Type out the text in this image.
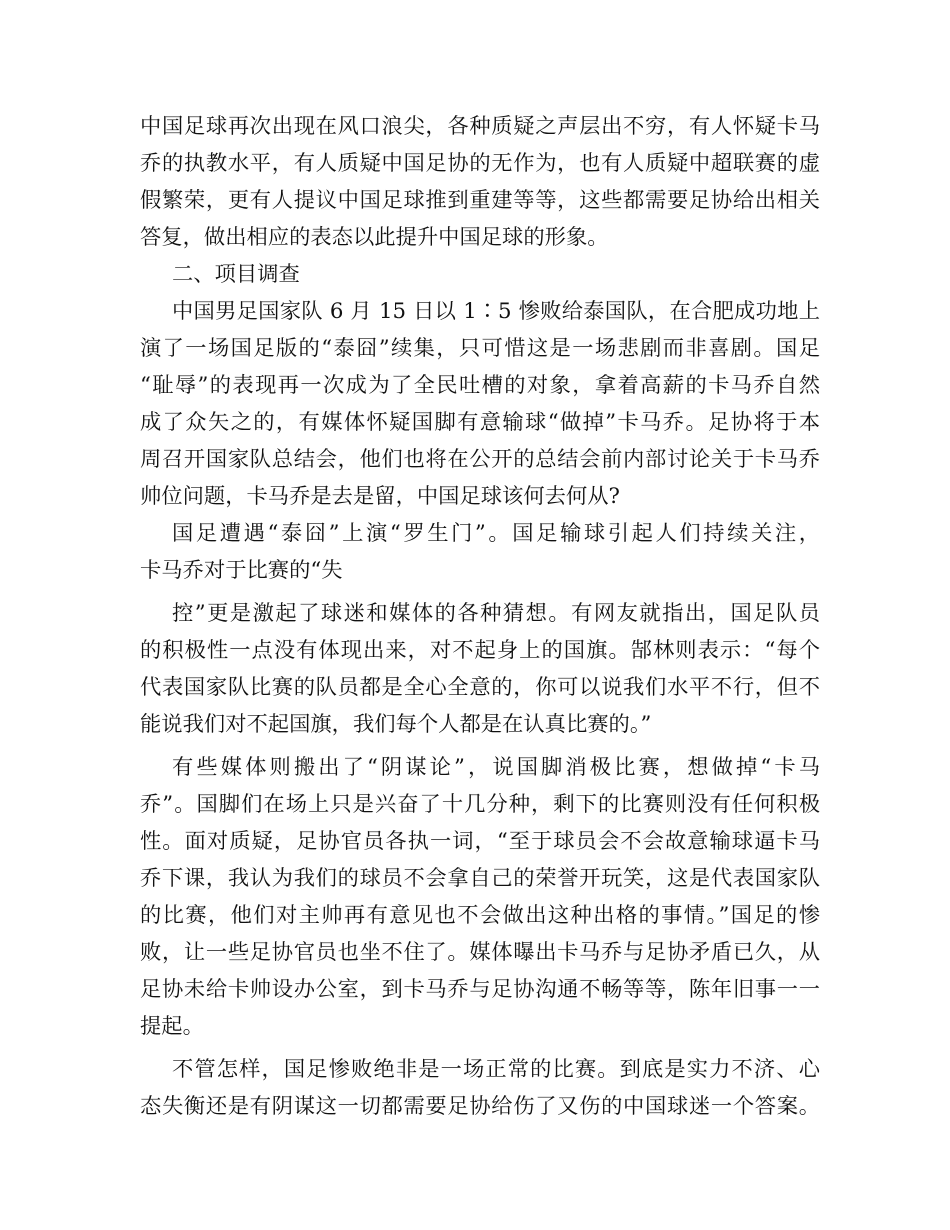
中国足球再次出现在风口浪尖，各种质疑之声层出不穷，有人怀疑卡马
乔的执教水平，有人质疑中国足协的无作为，也有人质疑中超联赛的虚
假繁荣，更有人提议中国足球推到重建等等，这些都需要足协给出相关
答复，做出相应的表态以此提升中国足球的形象。
二、项目调查
中国男足国家队 6 月 15 日以 1∶5 惨败给泰国队，在合肥成功地上
演了一场国足版的“泰囧”续集，只可惜这是一场悲剧而非喜剧。国足
“耻辱”的表现再一次成为了全民吐槽的对象，拿着高薪的卡马乔自然
成了众矢之的，有媒体怀疑国脚有意输球“做掉”卡马乔。足协将于本
周召开国家队总结会，他们也将在公开的总结会前内部讨论关于卡马乔
帅位问题，卡马乔是去是留，中国足球该何去何从?
国足遭遇“泰囧”上演“罗生门”。国足输球引起人们持续关注，
卡马乔对于比赛的“失
控”更是激起了球迷和媒体的各种猜想。有网友就指出，国足队员
的积极性一点没有体现出来，对不起身上的国旗。郜林则表示：“每个
代表国家队比赛的队员都是全心全意的，你可以说我们水平不行，但不
能说我们对不起国旗，我们每个人都是在认真比赛的。”
有些媒体则搬出了“阴谋论”，说国脚消极比赛，想做掉“卡马
乔”。国脚们在场上只是兴奋了十几分种，剩下的比赛则没有任何积极
性。面对质疑，足协官员各执一词，“至于球员会不会故意输球逼卡马
乔下课，我认为我们的球员不会拿自己的荣誉开玩笑，这是代表国家队
的比赛，他们对主帅再有意见也不会做出这种出格的事情。”国足的惨
败，让一些足协官员也坐不住了。媒体曝出卡马乔与足协矛盾已久，从
足协未给卡帅设办公室，到卡马乔与足协沟通不畅等等，陈年旧事一一
提起。
不管怎样，国足惨败绝非是一场正常的比赛。到底是实力不济、心
态失衡还是有阴谋这一切都需要足协给伤了又伤的中国球迷一个答案。
